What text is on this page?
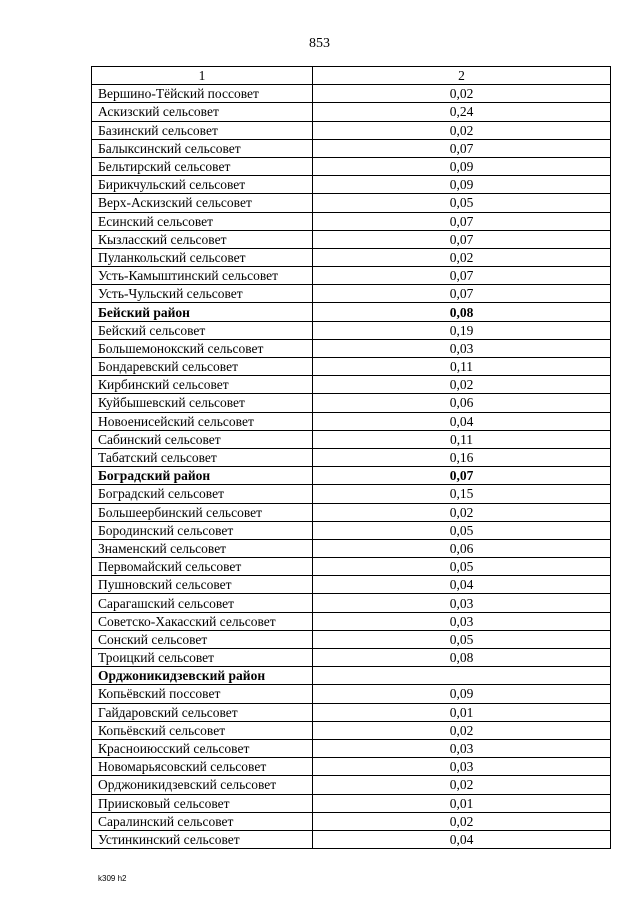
853
1	2
Вершино-Тёйский поссовет	0,02
Аскизский сельсовет	0,24
Базинский сельсовет	0,02
Балыксинский сельсовет	0,07
Бельтирский сельсовет	0,09
Бирикчульский сельсовет	0,09
Верх-Аскизский сельсовет	0,05
Есинский сельсовет	0,07
Кызласский сельсовет	0,07
Пуланкольский сельсовет	0,02
Усть-Камыштинский сельсовет	0,07
Усть-Чульский сельсовет	0,07
Бейский район	0,08
Бейский сельсовет	0,19
Большемонокский сельсовет	0,03
Бондаревский сельсовет	0,11
Кирбинский сельсовет	0,02
Куйбышевский сельсовет	0,06
Новоенисейский сельсовет	0,04
Сабинский сельсовет	0,11
Табатский сельсовет	0,16
Боградский район	0,07
Боградский сельсовет	0,15
Большеербинский сельсовет	0,02
Бородинский сельсовет	0,05
Знаменский сельсовет	0,06
Первомайский сельсовет	0,05
Пушновский сельсовет	0,04
Сарагашский сельсовет	0,03
Советско-Хакасский сельсовет	0,03
Сонский сельсовет	0,05
Троицкий сельсовет	0,08
Орджоникидзевский район	
Копьёвский поссовет	0,09
Гайдаровский сельсовет	0,01
Копьёвский сельсовет	0,02
Красноиюсский сельсовет	0,03
Новомарьясовский сельсовет	0,03
Орджоникидзевский сельсовет	0,02
Приисковый сельсовет	0,01
Саралинский сельсовет	0,02
Устинкинский сельсовет	0,04
k309 h2
